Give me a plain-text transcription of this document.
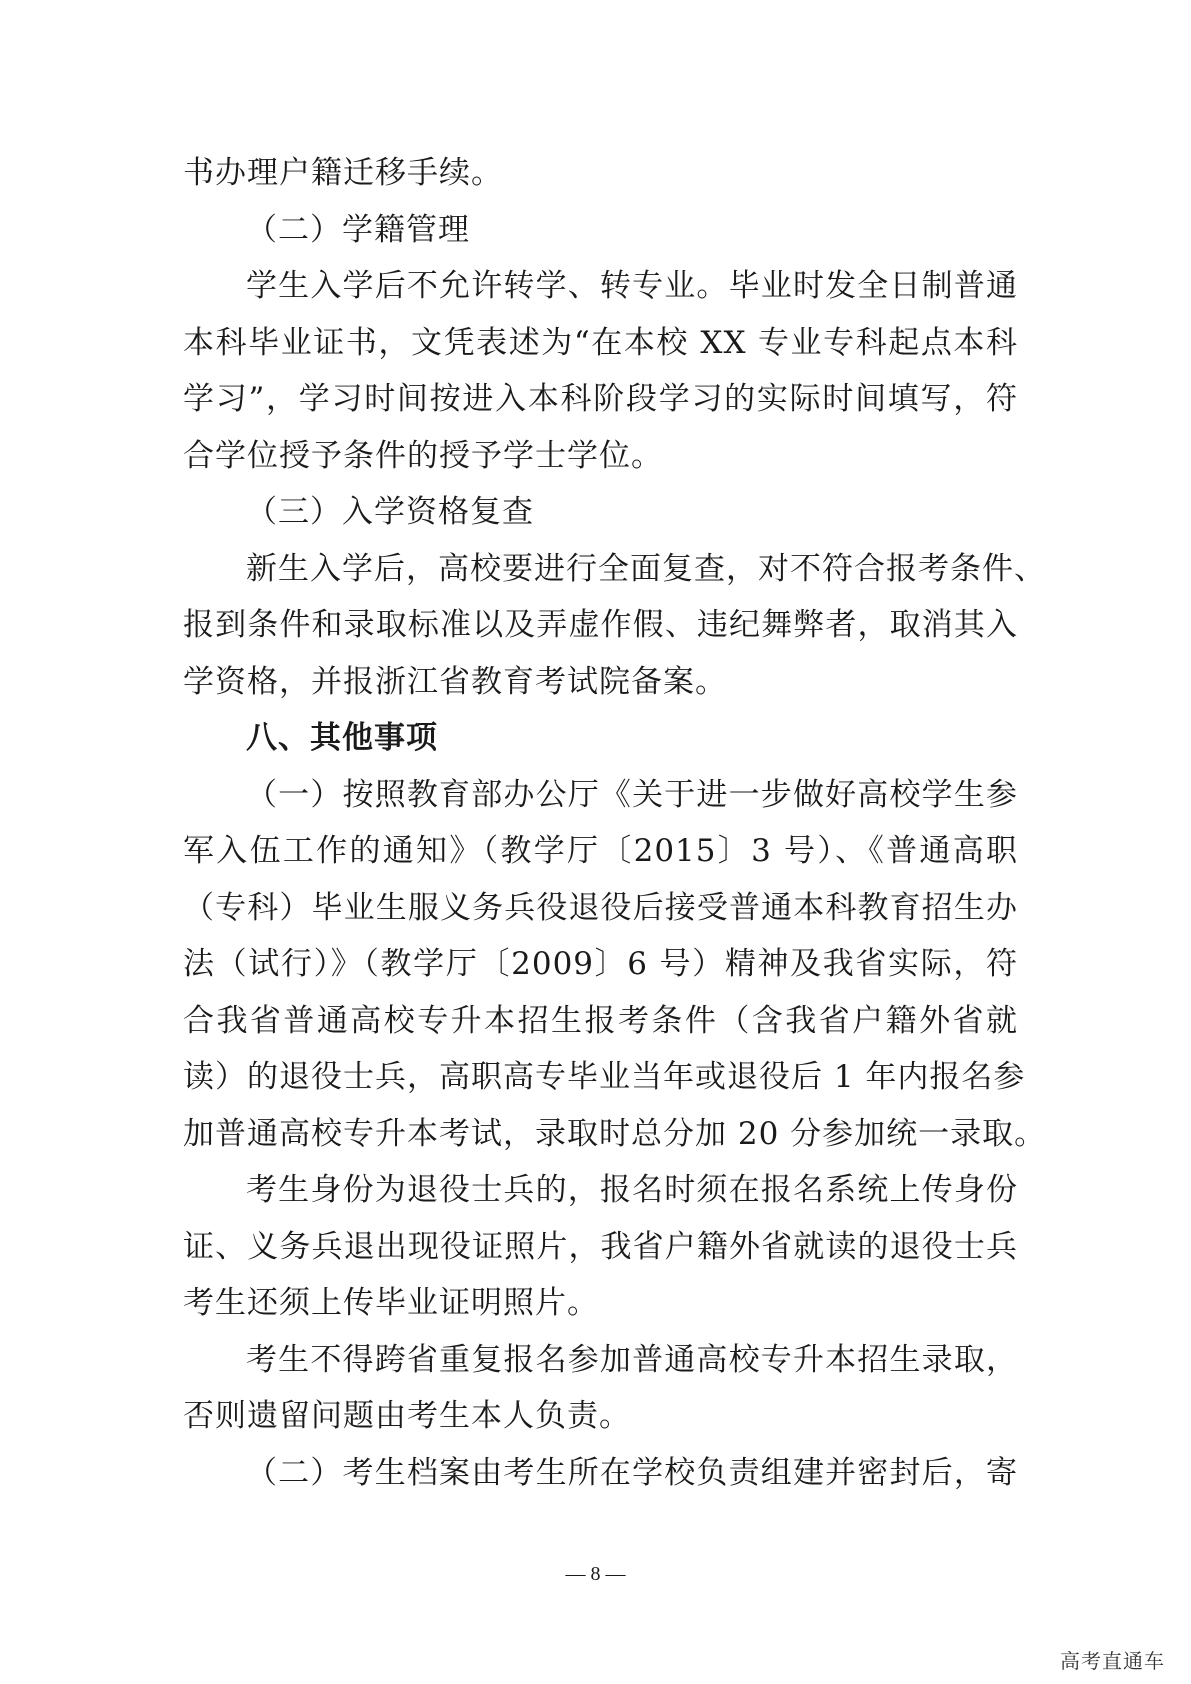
书办理户籍迁移手续。
（二）学籍管理
学生入学后不允许转学、转专业。毕业时发全日制普通
本科毕业证书，文凭表述为“在本校 XX 专业专科起点本科
学习”，学习时间按进入本科阶段学习的实际时间填写，符
合学位授予条件的授予学士学位。
（三）入学资格复查
新生入学后，高校要进行全面复查，对不符合报考条件、
报到条件和录取标准以及弄虚作假、违纪舞弊者，取消其入
学资格，并报浙江省教育考试院备案。
八、其他事项
（一）按照教育部办公厅《关于进一步做好高校学生参
军入伍工作的通知》（教学厅〔2015〕3 号）、《普通高职
（专科）毕业生服义务兵役退役后接受普通本科教育招生办
法（试行）》（教学厅〔2009〕6 号）精神及我省实际，符
合我省普通高校专升本招生报考条件（含我省户籍外省就
读）的退役士兵，高职高专毕业当年或退役后 1 年内报名参
加普通高校专升本考试，录取时总分加 20 分参加统一录取。
考生身份为退役士兵的，报名时须在报名系统上传身份
证、义务兵退出现役证照片，我省户籍外省就读的退役士兵
考生还须上传毕业证明照片。
考生不得跨省重复报名参加普通高校专升本招生录取，
否则遗留问题由考生本人负责。
（二）考生档案由考生所在学校负责组建并密封后，寄
— 8 —
高考直通车
